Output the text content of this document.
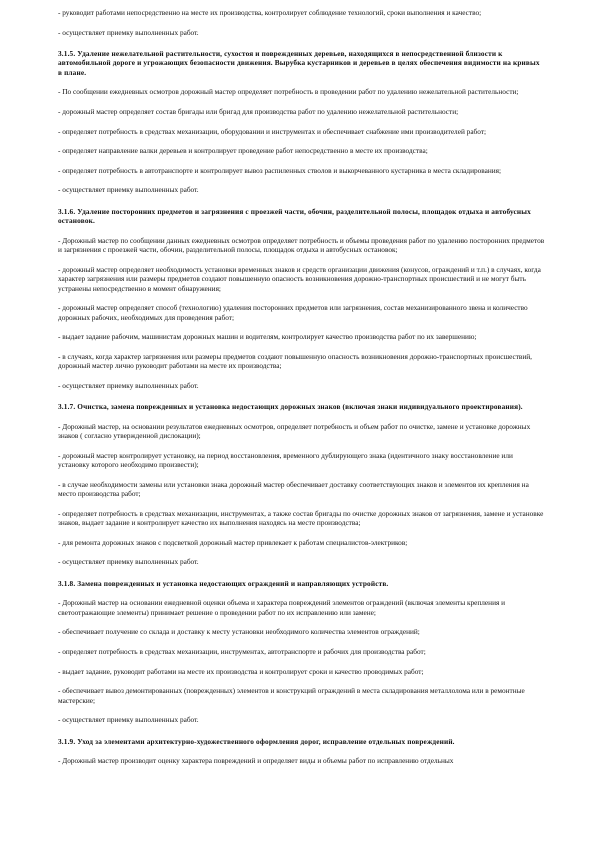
- руководит работами непосредственно на месте их производства, контролирует соблюдение технологий, сроки выполнения и качество;

- осуществляет приемку выполненных работ.

3.1.5. Удаление нежелательной растительности, сухостоя и поврежденных деревьев, находящихся в непосредственной близости к автомобильной дороге и угрожающих безопасности движения. Вырубка кустарников и деревьев в целях обеспечения видимости на кривых в плане.

- По сообщении ежедневных осмотров дорожный мастер определяет потребность в проведении работ по удалению нежелательной растительности;

- дорожный мастер определяет состав бригады или бригад для производства работ по удалению нежелательной растительности;

- определяет потребность в средствах механизации, оборудовании и инструментах и обеспечивает снабжение ими производителей работ;

- определяет направление валки деревьев и контролирует проведение работ непосредственно в месте их производства;

- определяет потребность в автотранспорте и контролирует вывоз распиленных стволов и выкорчеванного кустарника в места складирования;

- осуществляет приемку выполненных работ.

3.1.6. Удаление посторонних предметов и загрязнения с проезжей части, обочин, разделительной полосы, площадок отдыха и автобусных остановок.

- Дорожный мастер по сообщении данных ежедневных осмотров определяет потребность и объемы проведения работ по удалению посторонних предметов и загрязнения с проезжей части, обочин, разделительной полосы, площадок отдыха и автобусных остановок;

- дорожный мастер определяет необходимость установки временных знаков и средств организации движения (конусов, ограждений и т.п.) в случаях, когда характер загрязнения или размеры предметов создают повышенную опасность возникновения дорожно-транспортных происшествий и не могут быть устранены непосредственно в момент обнаружения;

- дорожный мастер определяет способ (технологию) удаления посторонних предметов или загрязнения, состав механизированного звена и количество дорожных рабочих, необходимых для проведения работ;

- выдает задание рабочим, машинистам дорожных машин и водителям, контролирует качество производства работ по их завершению;

- в случаях, когда характер загрязнения или размеры предметов создают повышенную опасность возникновения дорожно-транспортных происшествий, дорожный мастер лично руководит работами на месте их производства;

- осуществляет приемку выполненных работ.

3.1.7. Очистка, замена поврежденных и установка недостающих дорожных знаков (включая знаки индивидуального проектирования).

- Дорожный мастер, на основании результатов ежедневных осмотров, определяет потребность и объем работ по очистке, замене и установке дорожных знаков ( согласно утвержденной дислокации);

- дорожный мастер контролирует установку, на период восстановления, временного дублирующего знака (идентичного знаку восстановление или установку которого необходимо произвести);

- в случае необходимости замены или установки знака дорожный мастер обеспечивает доставку соответствующих знаков и элементов их крепления на место производства работ;

- определяет потребность в средствах механизации, инструментах, а также состав бригады по очистке дорожных знаков от загрязнения, замене и установке знаков, выдает задание и контролирует качество их выполнения находясь на месте производства;

- для ремонта дорожных знаков с подсветкой дорожный мастер привлекает к работам специалистов-электриков;

- осуществляет приемку выполненных работ.

3.1.8. Замена поврежденных и установка недостающих ограждений и направляющих устройств.

- Дорожный мастер на основании ежедневной оценки объема и характера повреждений элементов ограждений (включая элементы крепления и светоотражающие элементы) принимает решение о проведении работ по их исправлению или замене;

- обеспечивает получение со склада и доставку к месту установки необходимого количества элементов ограждений;

- определяет потребность в средствах механизации, инструментах, автотранспорте и рабочих для производства работ;

- выдает задание, руководит работами на месте их производства и контролирует сроки и качество проводимых работ;

- обеспечивает вывоз демонтированных (поврежденных) элементов и конструкций ограждений в места складирования металлолома или в ремонтные мастерские;

- осуществляет приемку выполненных работ.

3.1.9. Уход за элементами архитектурно-художественного оформления дорог, исправление отдельных повреждений.

- Дорожный мастер производит оценку характера повреждений и определяет виды и объемы работ по исправлению отдельных
